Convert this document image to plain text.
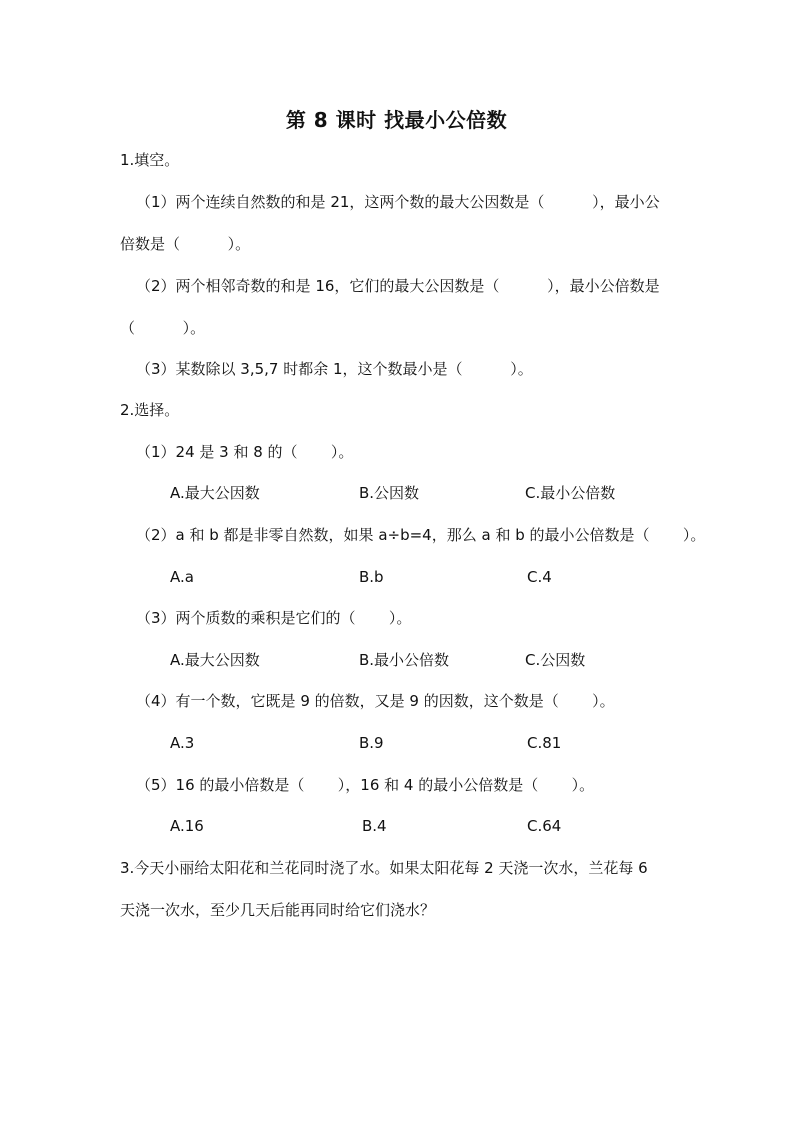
第 8 课时 找最小公倍数
1.填空。
（1）两个连续自然数的和是 21，这两个数的最大公因数是（          ），最小公
倍数是（          ）。
（2）两个相邻奇数的和是 16，它们的最大公因数是（          ），最小公倍数是
（          ）。
（3）某数除以 3,5,7 时都余 1，这个数最小是（          ）。
2.选择。
（1）24 是 3 和 8 的（       ）。
A.最大公因数	B.公因数	C.最小公倍数
（2）a 和 b 都是非零自然数，如果 a÷b=4，那么 a 和 b 的最小公倍数是（       ）。
A.a	B.b	C.4
（3）两个质数的乘积是它们的（       ）。
A.最大公因数	B.最小公倍数	C.公因数
（4）有一个数，它既是 9 的倍数，又是 9 的因数，这个数是（       ）。
A.3	B.9	C.81
（5）16 的最小倍数是（       ），16 和 4 的最小公倍数是（       ）。
A.16	B.4	C.64
3.今天小丽给太阳花和兰花同时浇了水。如果太阳花每 2 天浇一次水，兰花每 6
天浇一次水，至少几天后能再同时给它们浇水？
